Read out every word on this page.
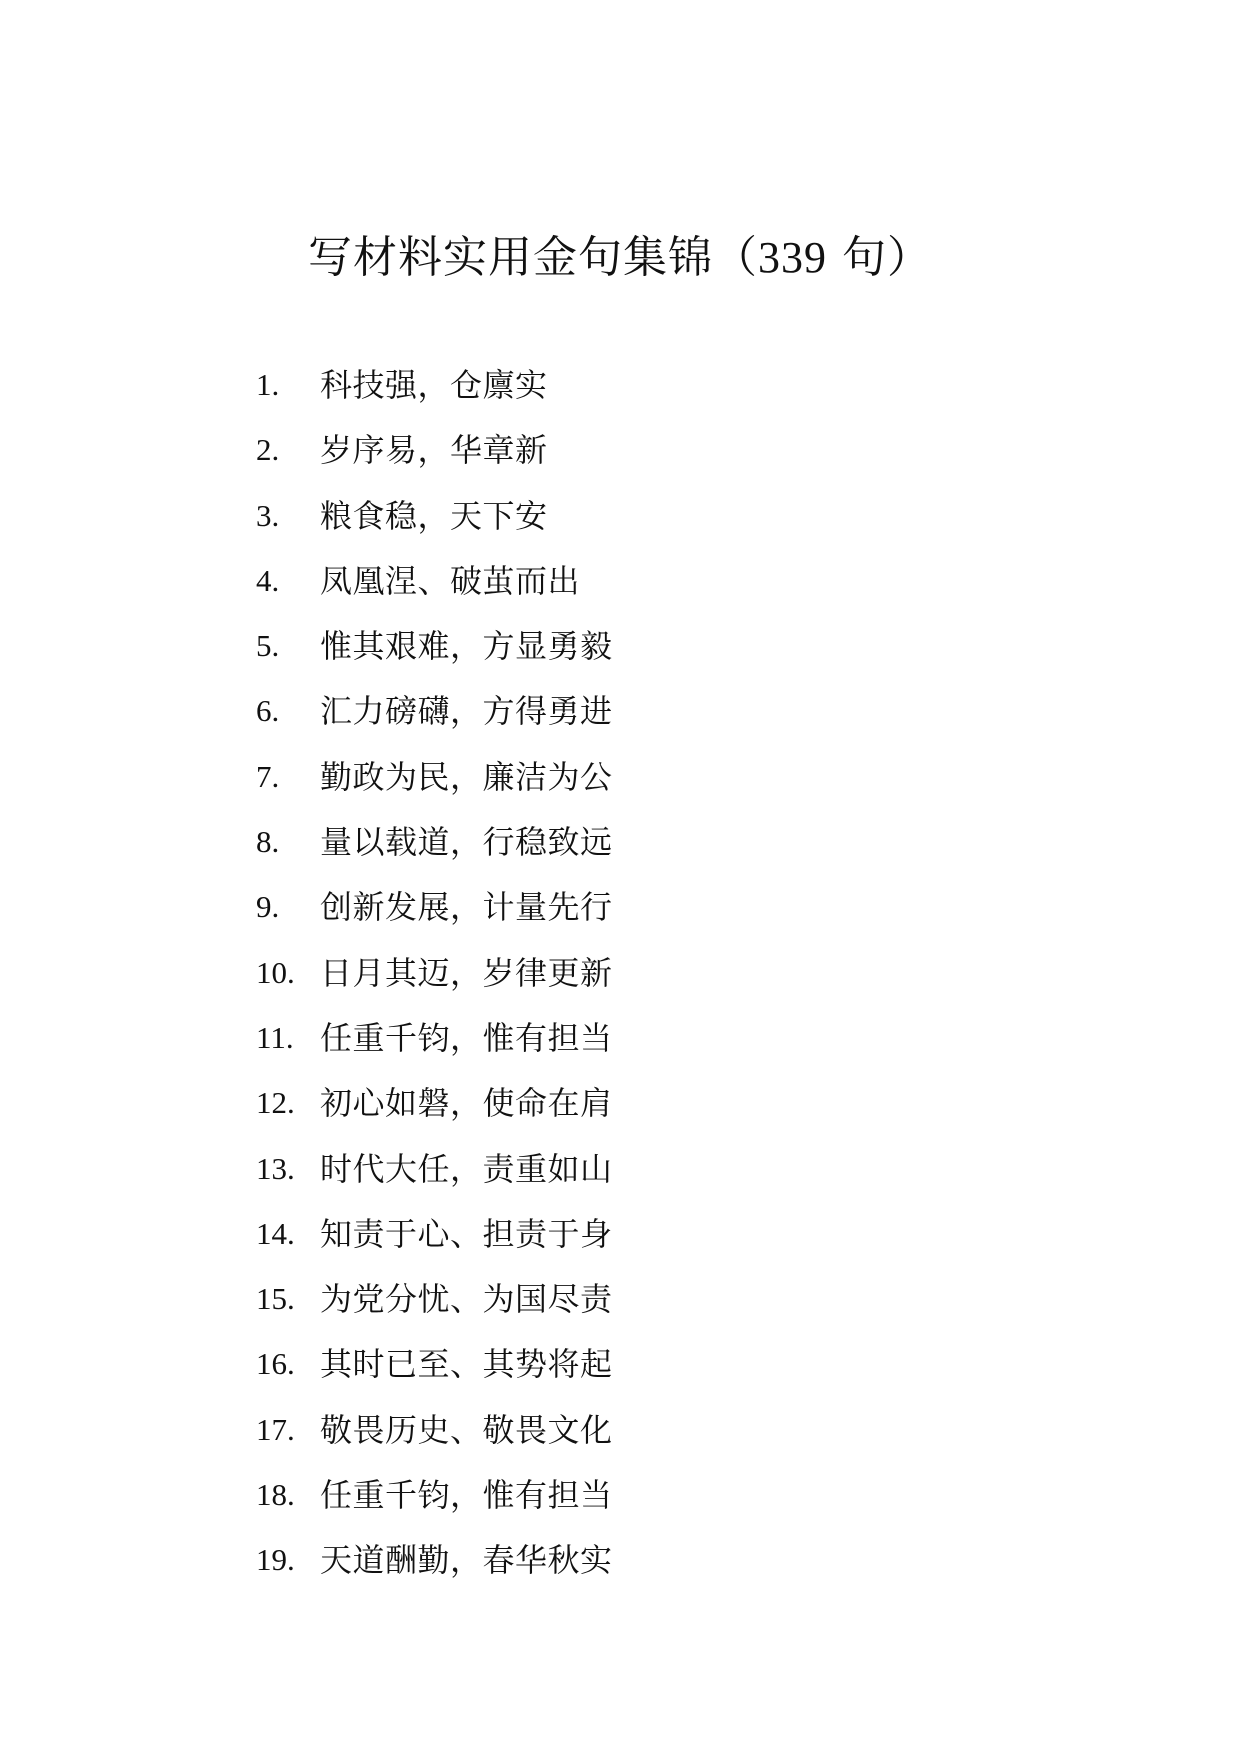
写材料实用金句集锦（339 句）
1. 科技强，仓廪实
2. 岁序易，华章新
3. 粮食稳，天下安
4. 凤凰涅、破茧而出
5. 惟其艰难，方显勇毅
6. 汇力磅礴，方得勇进
7. 勤政为民，廉洁为公
8. 量以载道，行稳致远
9. 创新发展，计量先行
10. 日月其迈，岁律更新
11. 任重千钧，惟有担当
12. 初心如磐，使命在肩
13. 时代大任，责重如山
14. 知责于心、担责于身
15. 为党分忧、为国尽责
16. 其时已至、其势将起
17. 敬畏历史、敬畏文化
18. 任重千钧，惟有担当
19. 天道酬勤，春华秋实
